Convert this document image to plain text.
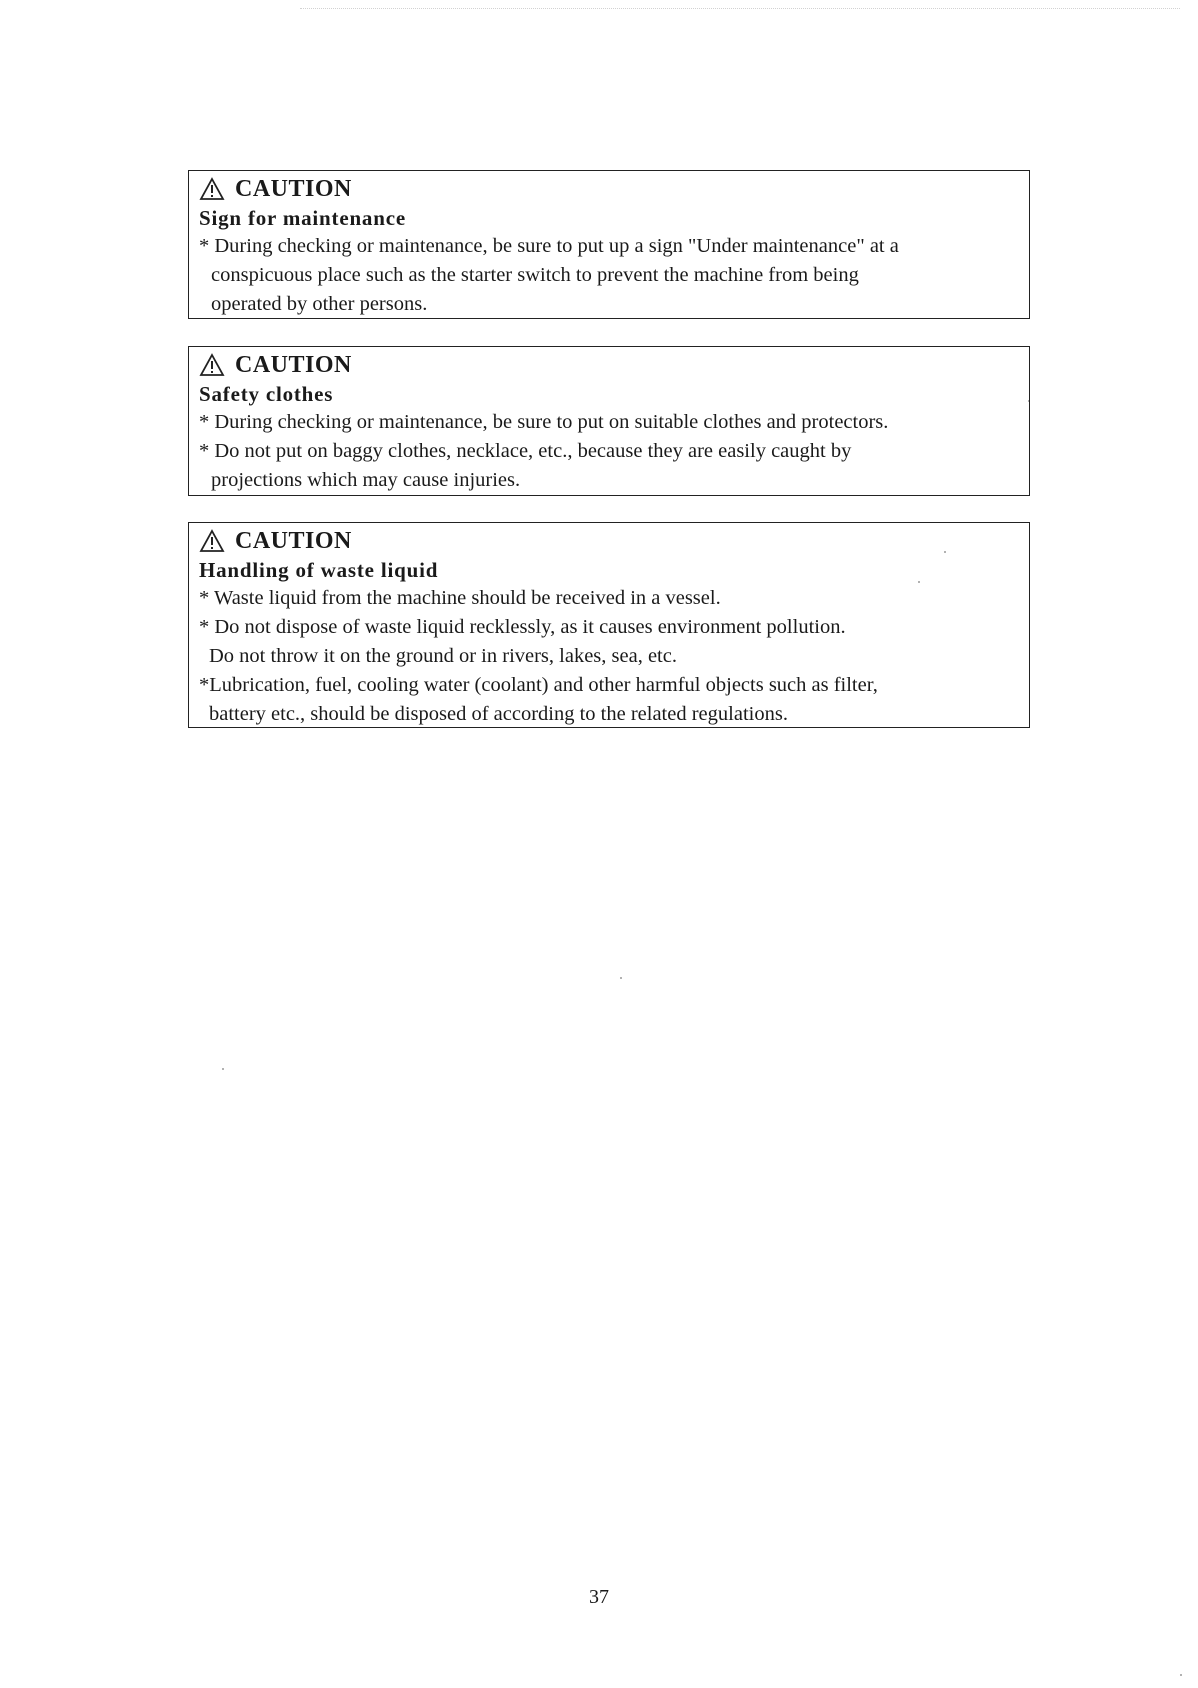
CAUTION
Sign for maintenance
* During checking or maintenance, be sure to put up a sign "Under maintenance" at a
conspicuous place such as the starter switch to prevent the machine from being
operated by other persons.
CAUTION
Safety clothes
* During checking or maintenance, be sure to put on suitable clothes and protectors.
* Do not put on baggy clothes, necklace, etc., because they are easily caught by
projections which may cause injuries.
CAUTION
Handling of waste liquid
* Waste liquid from the machine should be received in a vessel.
* Do not dispose of waste liquid recklessly, as it causes environment pollution.
Do not throw it on the ground or in rivers, lakes, sea, etc.
*Lubrication, fuel, cooling water (coolant) and other harmful objects such as filter,
battery etc., should be disposed of according to the related regulations.
37
